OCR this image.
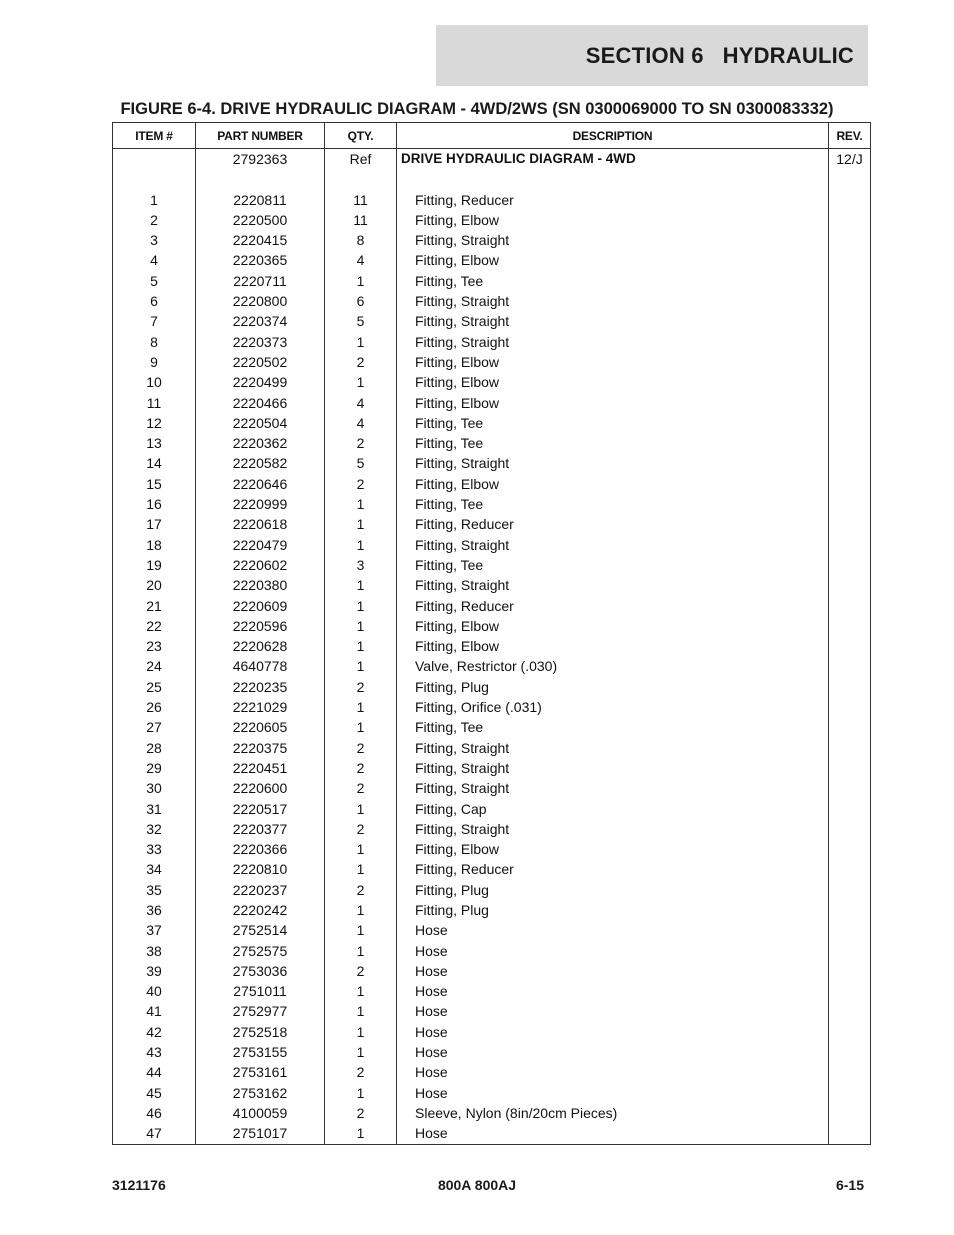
SECTION 6   HYDRAULIC
FIGURE 6-4. DRIVE HYDRAULIC DIAGRAM - 4WD/2WS (SN 0300069000 TO SN 0300083332)
ITEM #	PART NUMBER	QTY.	DESCRIPTION	REV.
	2792363	Ref	DRIVE HYDRAULIC DIAGRAM - 4WD	12/J

1	2220811	11	Fitting, Reducer	
2	2220500	11	Fitting, Elbow	
3	2220415	8	Fitting, Straight	
4	2220365	4	Fitting, Elbow	
5	2220711	1	Fitting, Tee	
6	2220800	6	Fitting, Straight	
7	2220374	5	Fitting, Straight	
8	2220373	1	Fitting, Straight	
9	2220502	2	Fitting, Elbow	
10	2220499	1	Fitting, Elbow	
11	2220466	4	Fitting, Elbow	
12	2220504	4	Fitting, Tee	
13	2220362	2	Fitting, Tee	
14	2220582	5	Fitting, Straight	
15	2220646	2	Fitting, Elbow	
16	2220999	1	Fitting, Tee	
17	2220618	1	Fitting, Reducer	
18	2220479	1	Fitting, Straight	
19	2220602	3	Fitting, Tee	
20	2220380	1	Fitting, Straight	
21	2220609	1	Fitting, Reducer	
22	2220596	1	Fitting, Elbow	
23	2220628	1	Fitting, Elbow	
24	4640778	1	Valve, Restrictor (.030)	
25	2220235	2	Fitting, Plug	
26	2221029	1	Fitting, Orifice (.031)	
27	2220605	1	Fitting, Tee	
28	2220375	2	Fitting, Straight	
29	2220451	2	Fitting, Straight	
30	2220600	2	Fitting, Straight	
31	2220517	1	Fitting, Cap	
32	2220377	2	Fitting, Straight	
33	2220366	1	Fitting, Elbow	
34	2220810	1	Fitting, Reducer	
35	2220237	2	Fitting, Plug	
36	2220242	1	Fitting, Plug	
37	2752514	1	Hose	
38	2752575	1	Hose	
39	2753036	2	Hose	
40	2751011	1	Hose	
41	2752977	1	Hose	
42	2752518	1	Hose	
43	2753155	1	Hose	
44	2753161	2	Hose	
45	2753162	1	Hose	
46	4100059	2	Sleeve, Nylon (8in/20cm Pieces)	
47	2751017	1	Hose	
3121176	800A 800AJ	6-15
